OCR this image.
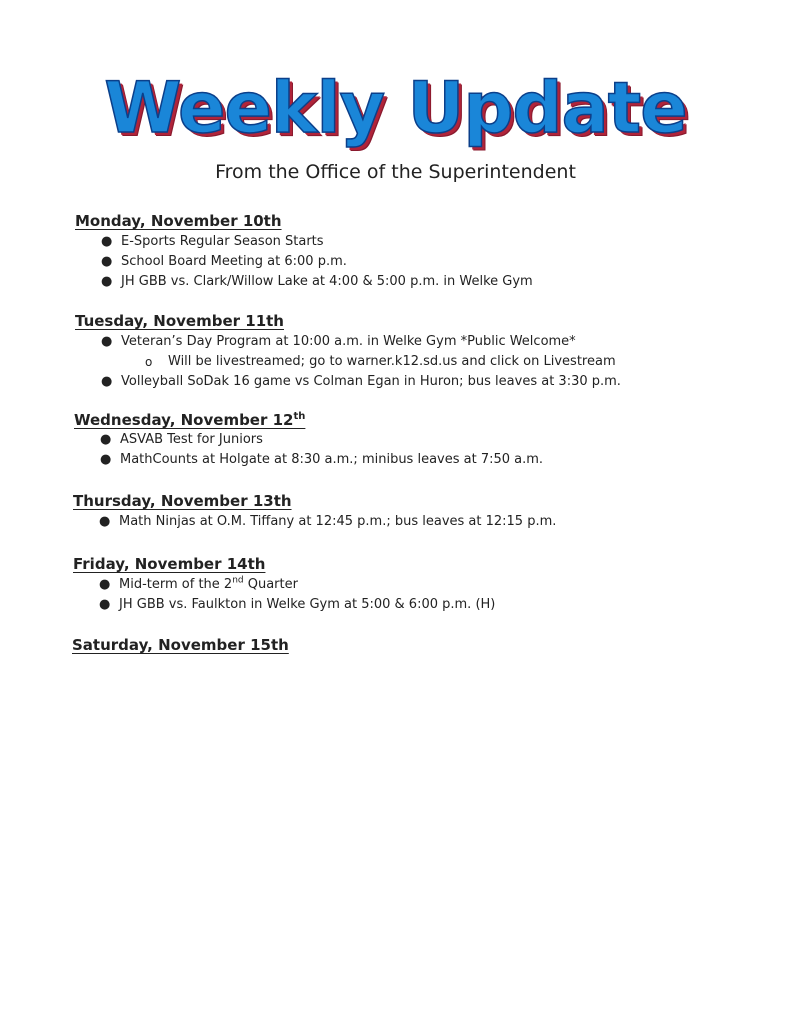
Weekly Update
From the Office of the Superintendent
Monday, November 10th
● E-Sports Regular Season Starts
● School Board Meeting at 6:00 p.m.
● JH GBB vs. Clark/Willow Lake at 4:00 & 5:00 p.m. in Welke Gym
Tuesday, November 11th
● Veteran’s Day Program at 10:00 a.m. in Welke Gym *Public Welcome*
o Will be livestreamed; go to warner.k12.sd.us and click on Livestream
● Volleyball SoDak 16 game vs Colman Egan in Huron; bus leaves at 3:30 p.m.
Wednesday, November 12th
● ASVAB Test for Juniors
● MathCounts at Holgate at 8:30 a.m.; minibus leaves at 7:50 a.m.
Thursday, November 13th
● Math Ninjas at O.M. Tiffany at 12:45 p.m.; bus leaves at 12:15 p.m.
Friday, November 14th
● Mid-term of the 2nd Quarter
● JH GBB vs. Faulkton in Welke Gym at 5:00 & 6:00 p.m. (H)
Saturday, November 15th
